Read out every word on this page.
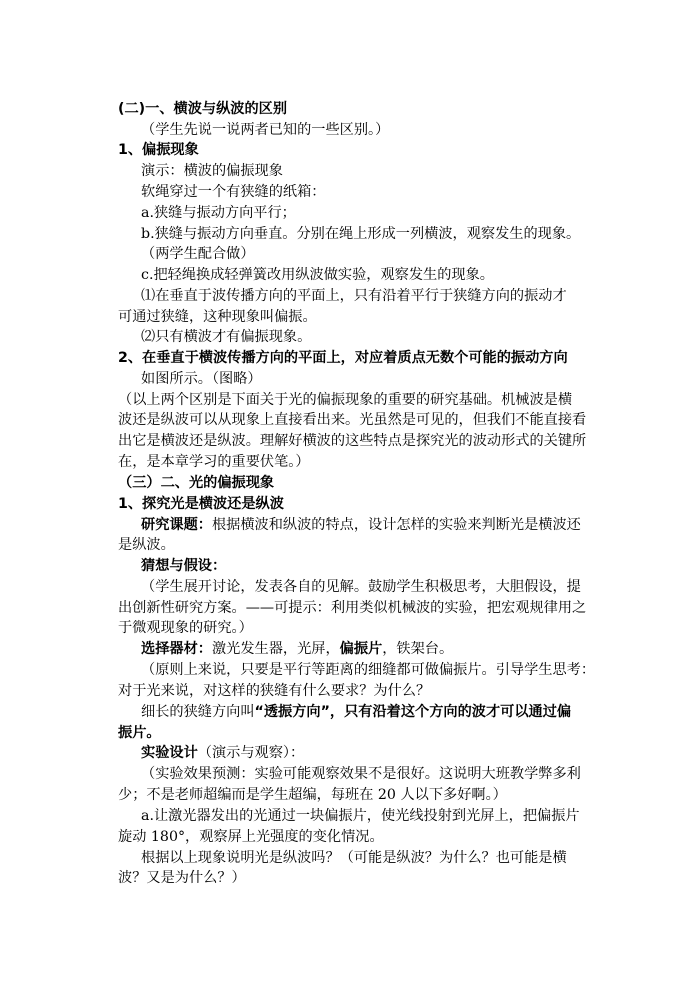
(二)一、横波与纵波的区别
（学生先说一说两者已知的一些区别。）
1、偏振现象
演示：横波的偏振现象
软绳穿过一个有狭缝的纸箱：
a.狭缝与振动方向平行；
b.狭缝与振动方向垂直。分别在绳上形成一列横波，观察发生的现象。
（两学生配合做）
c.把轻绳换成轻弹簧改用纵波做实验，观察发生的现象。
⑴在垂直于波传播方向的平面上，只有沿着平行于狭缝方向的振动才
可通过狭缝，这种现象叫偏振。
⑵只有横波才有偏振现象。
2、在垂直于横波传播方向的平面上，对应着质点无数个可能的振动方向
如图所示。（图略）
（以上两个区别是下面关于光的偏振现象的重要的研究基础。机械波是横
波还是纵波可以从现象上直接看出来。光虽然是可见的，但我们不能直接看
出它是横波还是纵波。理解好横波的这些特点是探究光的波动形式的关键所
在，是本章学习的重要伏笔。）
（三）二、光的偏振现象
1、探究光是横波还是纵波
研究课题：根据横波和纵波的特点，设计怎样的实验来判断光是横波还
是纵波。
猜想与假设：
（学生展开讨论，发表各自的见解。鼓励学生积极思考，大胆假设，提
出创新性研究方案。——可提示：利用类似机械波的实验，把宏观规律用之
于微观现象的研究。）
选择器材：激光发生器，光屏，偏振片，铁架台。
（原则上来说，只要是平行等距离的细缝都可做偏振片。引导学生思考：
对于光来说，对这样的狭缝有什么要求？为什么？
细长的狭缝方向叫“透振方向”，只有沿着这个方向的波才可以通过偏
振片。
实验设计（演示与观察）：
（实验效果预测：实验可能观察效果不是很好。这说明大班教学弊多利
少；不是老师超编而是学生超编，每班在 20 人以下多好啊。）
a.让激光器发出的光通过一块偏振片，使光线投射到光屏上，把偏振片
旋动 180°，观察屏上光强度的变化情况。
根据以上现象说明光是纵波吗？（可能是纵波？为什么？也可能是横
波？又是为什么？）
